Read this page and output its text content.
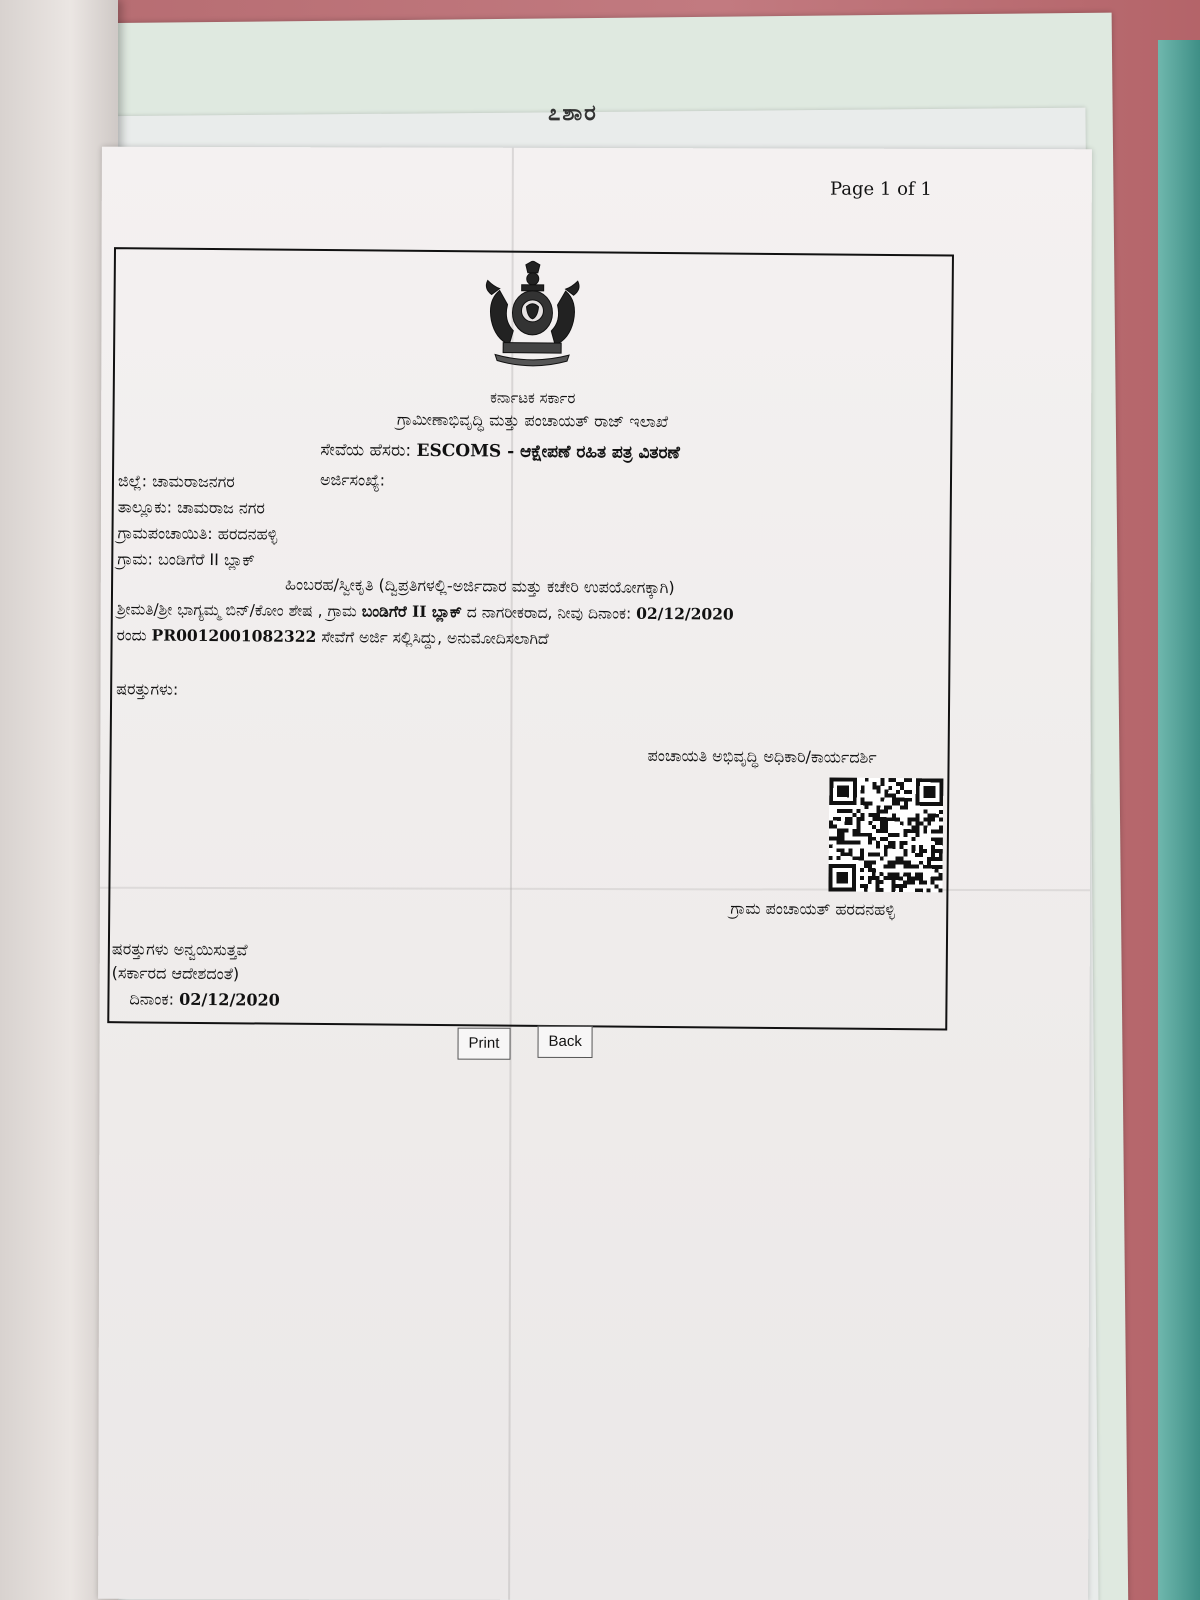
೭ಶಾರ
Page 1 of 1
ಕರ್ನಾಟಕ ಸರ್ಕಾರ
ಗ್ರಾಮೀಣಾಭಿವೃದ್ಧಿ ಮತ್ತು ಪಂಚಾಯತ್ ರಾಜ್ ಇಲಾಖೆ
ಸೇವೆಯ ಹೆಸರು: ESCOMS - ಆಕ್ಷೇಪಣೆ ರಹಿತ ಪತ್ರ ವಿತರಣೆ
ಜಿಲ್ಲೆ: ಚಾಮರಾಜನಗರ	ಅರ್ಜಿಸಂಖ್ಯೆ:
ತಾಲ್ಲೂಕು: ಚಾಮರಾಜ ನಗರ
ಗ್ರಾಮಪಂಚಾಯಿತಿ: ಹರದನಹಳ್ಳಿ
ಗ್ರಾಮ: ಬಂಡಿಗೆರೆ II ಬ್ಲಾಕ್
ಹಿಂಬರಹ/ಸ್ವೀಕೃತಿ (ದ್ವಿಪ್ರತಿಗಳಲ್ಲಿ-ಅರ್ಜಿದಾರ ಮತ್ತು ಕಚೇರಿ ಉಪಯೋಗಕ್ಕಾಗಿ)
ಶ್ರೀಮತಿ/ಶ್ರೀ ಭಾಗ್ಯಮ್ಮ ಬಿನ್/ಕೋಂ ಶೇಷ , ಗ್ರಾಮ ಬಂಡಿಗೆರೆ II ಬ್ಲಾಕ್ ದ ನಾಗರೀಕರಾದ, ನೀವು ದಿನಾಂಕ: 02/12/2020
ರಂದು PR0012001082322 ಸೇವೆಗೆ ಅರ್ಜಿ ಸಲ್ಲಿಸಿದ್ದು, ಅನುಮೋದಿಸಲಾಗಿದೆ
ಷರತ್ತುಗಳು:
ಪಂಚಾಯತಿ ಅಭಿವೃದ್ಧಿ ಅಧಿಕಾರಿ/ಕಾರ್ಯದರ್ಶಿ
ಗ್ರಾಮ ಪಂಚಾಯತ್ ಹರದನಹಳ್ಳಿ
ಷರತ್ತುಗಳು ಅನ್ವಯಿಸುತ್ತವೆ
(ಸರ್ಕಾರದ ಆದೇಶದಂತೆ)
ದಿನಾಂಕ: 02/12/2020
Print	Back
